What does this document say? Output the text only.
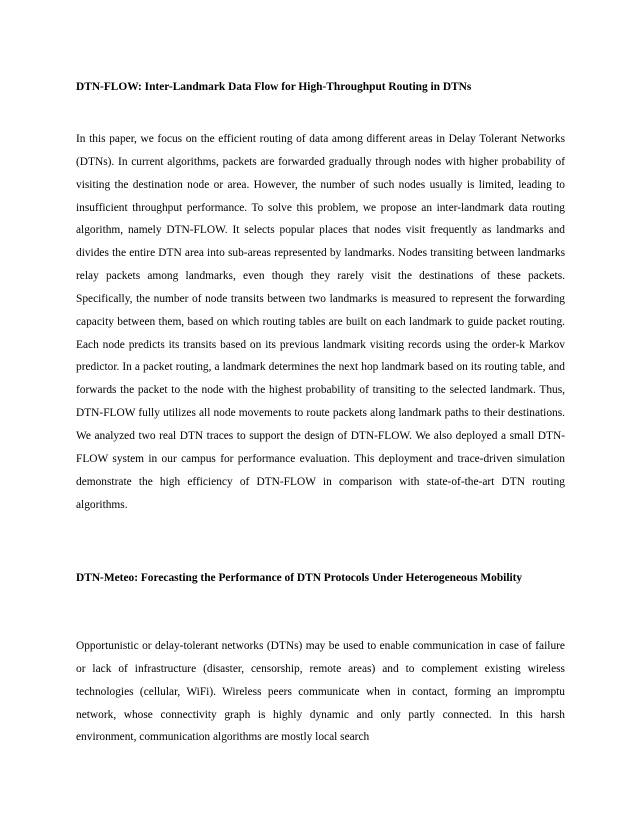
DTN-FLOW: Inter-Landmark Data Flow for High-Throughput Routing in DTNs

In this paper, we focus on the efficient routing of data among different areas in Delay Tolerant Networks (DTNs). In current algorithms, packets are forwarded gradually through nodes with higher probability of visiting the destination node or area. However, the number of such nodes usually is limited, leading to insufficient throughput performance. To solve this problem, we propose an inter-landmark data routing algorithm, namely DTN-FLOW. It selects popular places that nodes visit frequently as landmarks and divides the entire DTN area into sub-areas represented by landmarks. Nodes transiting between landmarks relay packets among landmarks, even though they rarely visit the destinations of these packets. Specifically, the number of node transits between two landmarks is measured to represent the forwarding capacity between them, based on which routing tables are built on each landmark to guide packet routing. Each node predicts its transits based on its previous landmark visiting records using the order-k Markov predictor. In a packet routing, a landmark determines the next hop landmark based on its routing table, and forwards the packet to the node with the highest probability of transiting to the selected landmark. Thus, DTN-FLOW fully utilizes all node movements to route packets along landmark paths to their destinations. We analyzed two real DTN traces to support the design of DTN-FLOW. We also deployed a small DTN-FLOW system in our campus for performance evaluation. This deployment and trace-driven simulation demonstrate the high efficiency of DTN-FLOW in comparison with state-of-the-art DTN routing algorithms.

DTN-Meteo: Forecasting the Performance of DTN Protocols Under Heterogeneous Mobility

Opportunistic or delay-tolerant networks (DTNs) may be used to enable communication in case of failure or lack of infrastructure (disaster, censorship, remote areas) and to complement existing wireless technologies (cellular, WiFi). Wireless peers communicate when in contact, forming an impromptu network, whose connectivity graph is highly dynamic and only partly connected. In this harsh environment, communication algorithms are mostly local search
